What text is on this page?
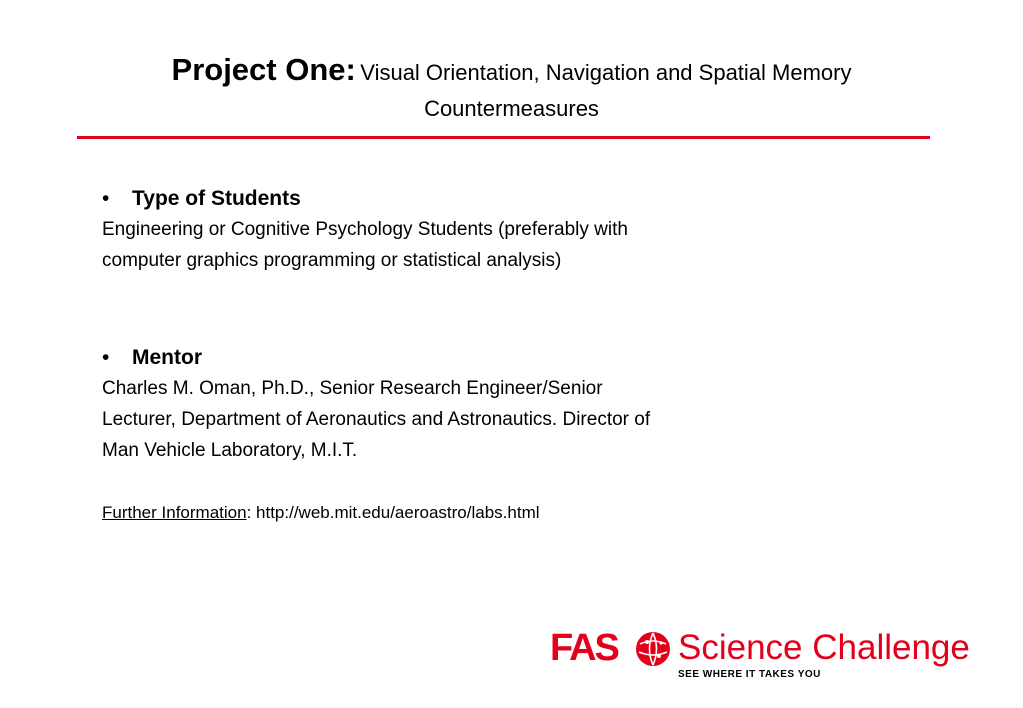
Project One: Visual Orientation, Navigation and Spatial Memory
Countermeasures
• Type of Students
Engineering or Cognitive Psychology Students (preferably with
computer graphics programming or statistical analysis)
• Mentor
Charles M. Oman, Ph.D., Senior Research Engineer/Senior
Lecturer, Department of Aeronautics and Astronautics. Director of
Man Vehicle Laboratory, M.I.T.
Further Information: http://web.mit.edu/aeroastro/labs.html
FAS Science Challenge
SEE WHERE IT TAKES YOU
